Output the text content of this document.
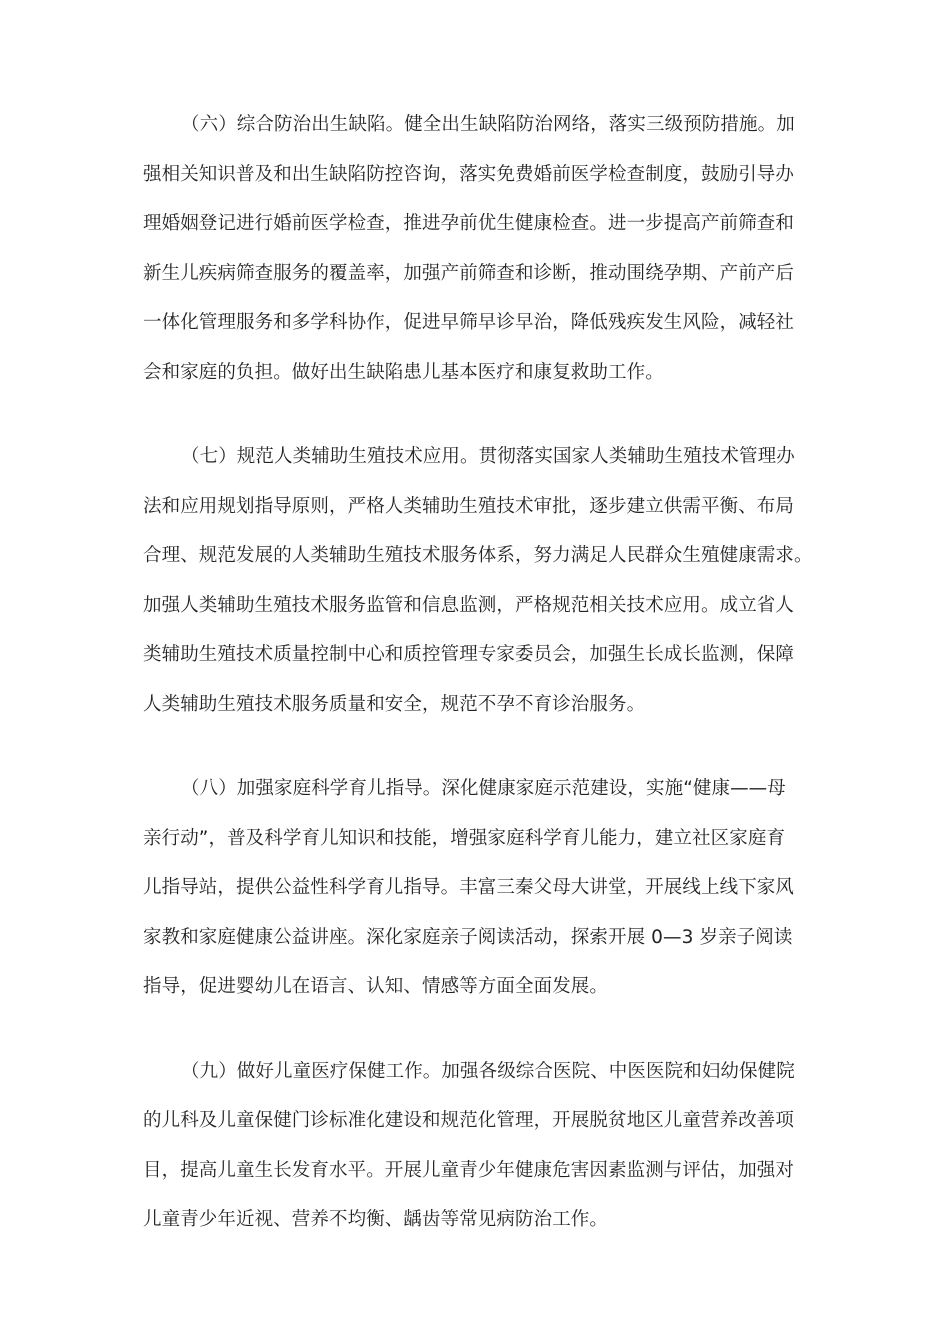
（六）综合防治出生缺陷。健全出生缺陷防治网络，落实三级预防措施。加
强相关知识普及和出生缺陷防控咨询，落实免费婚前医学检查制度，鼓励引导办
理婚姻登记进行婚前医学检查，推进孕前优生健康检查。进一步提高产前筛查和
新生儿疾病筛查服务的覆盖率，加强产前筛查和诊断，推动围绕孕期、产前产后
一体化管理服务和多学科协作，促进早筛早诊早治，降低残疾发生风险，减轻社
会和家庭的负担。做好出生缺陷患儿基本医疗和康复救助工作。
（七）规范人类辅助生殖技术应用。贯彻落实国家人类辅助生殖技术管理办
法和应用规划指导原则，严格人类辅助生殖技术审批，逐步建立供需平衡、布局
合理、规范发展的人类辅助生殖技术服务体系，努力满足人民群众生殖健康需求。
加强人类辅助生殖技术服务监管和信息监测，严格规范相关技术应用。成立省人
类辅助生殖技术质量控制中心和质控管理专家委员会，加强生长成长监测，保障
人类辅助生殖技术服务质量和安全，规范不孕不育诊治服务。
（八）加强家庭科学育儿指导。深化健康家庭示范建设，实施“健康——母
亲行动”，普及科学育儿知识和技能，增强家庭科学育儿能力，建立社区家庭育
儿指导站，提供公益性科学育儿指导。丰富三秦父母大讲堂，开展线上线下家风
家教和家庭健康公益讲座。深化家庭亲子阅读活动，探索开展 0—3 岁亲子阅读
指导，促进婴幼儿在语言、认知、情感等方面全面发展。
（九）做好儿童医疗保健工作。加强各级综合医院、中医医院和妇幼保健院
的儿科及儿童保健门诊标准化建设和规范化管理，开展脱贫地区儿童营养改善项
目，提高儿童生长发育水平。开展儿童青少年健康危害因素监测与评估，加强对
儿童青少年近视、营养不均衡、龋齿等常见病防治工作。
